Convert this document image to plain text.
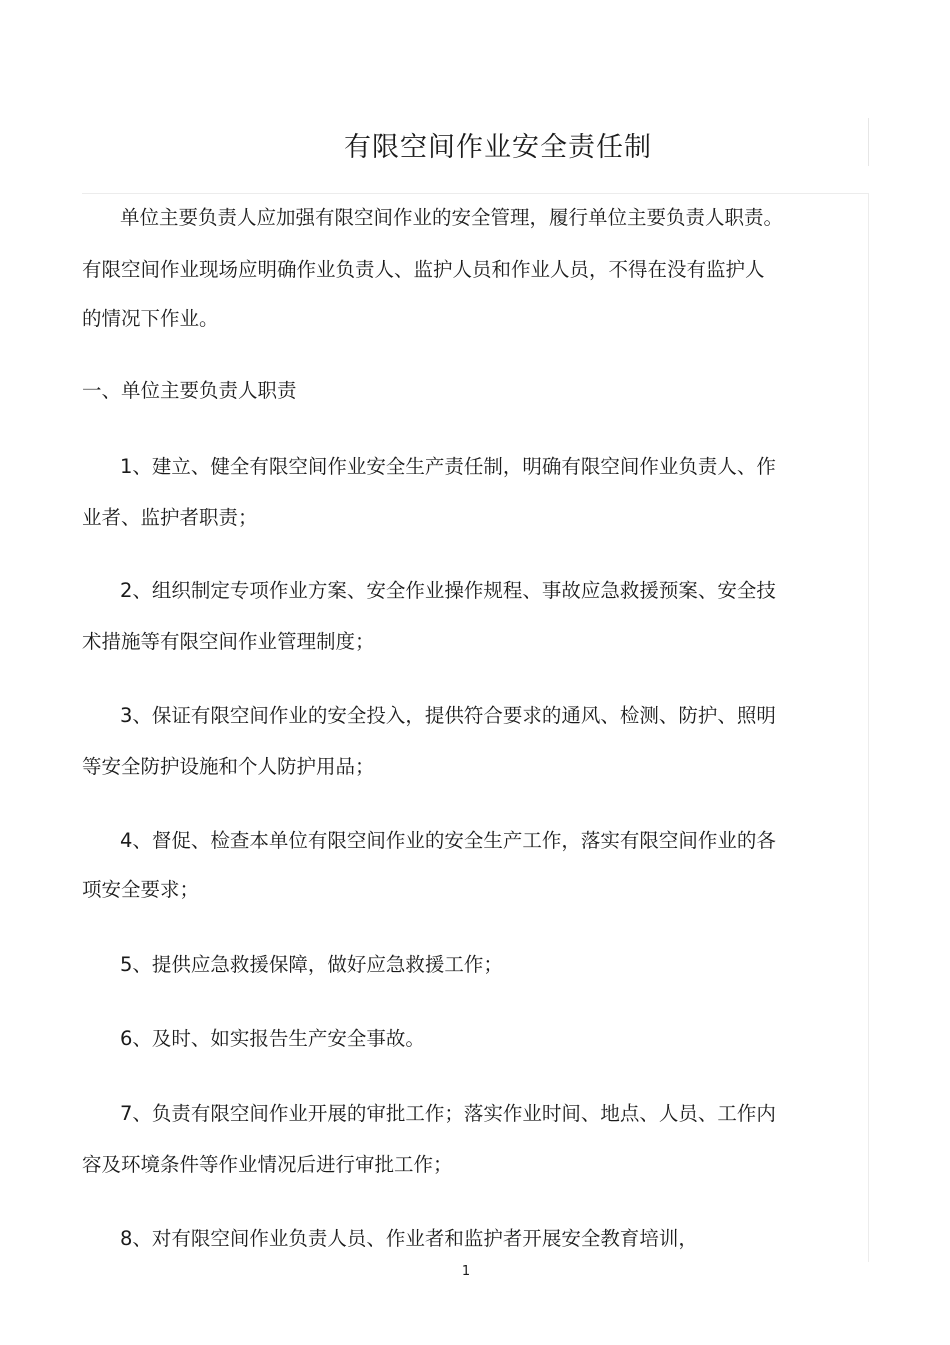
有限空间作业安全责任制

单位主要负责人应加强有限空间作业的安全管理，履行单位主要负责人职责。

有限空间作业现场应明确作业负责人、监护人员和作业人员，不得在没有监护人

的情况下作业。

一、单位主要负责人职责

1、建立、健全有限空间作业安全生产责任制，明确有限空间作业负责人、作

业者、监护者职责；

2、组织制定专项作业方案、安全作业操作规程、事故应急救援预案、安全技

术措施等有限空间作业管理制度；

3、保证有限空间作业的安全投入，提供符合要求的通风、检测、防护、照明

等安全防护设施和个人防护用品；

4、督促、检查本单位有限空间作业的安全生产工作，落实有限空间作业的各

项安全要求；

5、提供应急救援保障，做好应急救援工作；

6、及时、如实报告生产安全事故。

7、负责有限空间作业开展的审批工作；落实作业时间、地点、人员、工作内

容及环境条件等作业情况后进行审批工作；

8、对有限空间作业负责人员、作业者和监护者开展安全教育培训，

1
